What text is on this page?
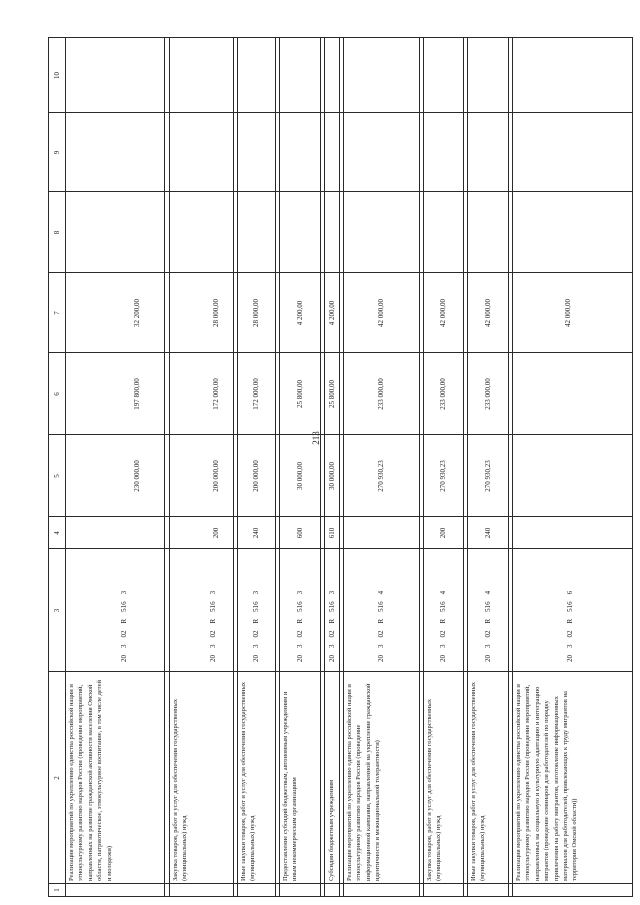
213
1
2
3
4
5
6
7
8
9
10
Реализация мероприятий по укреплению единства российской нации и этнокультурному развитию народов России (проведение мероприятий, направленных на развитие гражданской активности населения Омской области, патриотическое, этнокультурное воспитание, в том числе детей и молодежи)
20
3
02
R
516
3
230 000,00
197 800,00
32 200,00
Закупка товаров, работ и услуг для обеспечения государственных (муниципальных) нужд
20
3
02
R
516
3
200
200 000,00
172 000,00
28 000,00
Иные закупки товаров, работ и услуг для обеспечения государственных (муниципальных) нужд
20
3
02
R
516
3
240
200 000,00
172 000,00
28 000,00
Предоставление субсидий бюджетным, автономным учреждениям и иным некоммерческим организациям
20
3
02
R
516
3
600
30 000,00
25 800,00
4 200,00
Субсидии бюджетным учреждениям
20
3
02
R
516
3
610
30 000,00
25 800,00
4 200,00
Реализация мероприятий по укреплению единства российской нации и этнокультурному развитию народов России (проведение информационной кампании, направленной на укрепление гражданской идентичности и межнациональной толерантности)
20
3
02
R
516
4
270 930,23
233 000,00
42 000,00
Закупка товаров, работ и услуг для обеспечения государственных (муниципальных) нужд
20
3
02
R
516
4
200
270 930,23
233 000,00
42 000,00
Иные закупки товаров, работ и услуг для обеспечения государственных (муниципальных) нужд
20
3
02
R
516
4
240
270 930,23
233 000,00
42 000,00
Реализация мероприятий по укреплению единства российской нации и этнокультурному развитию народов России (проведение мероприятий, направленных на социальную и культурную адаптацию и интеграцию мигрантов (проведение семинаров для работодателей по порядку привлечения на работу мигрантов, изготовление информационных материалов для работодателей, привлекающих к труду мигрантов на территории Омской области))
20
3
02
R
516
6
42 000,00
